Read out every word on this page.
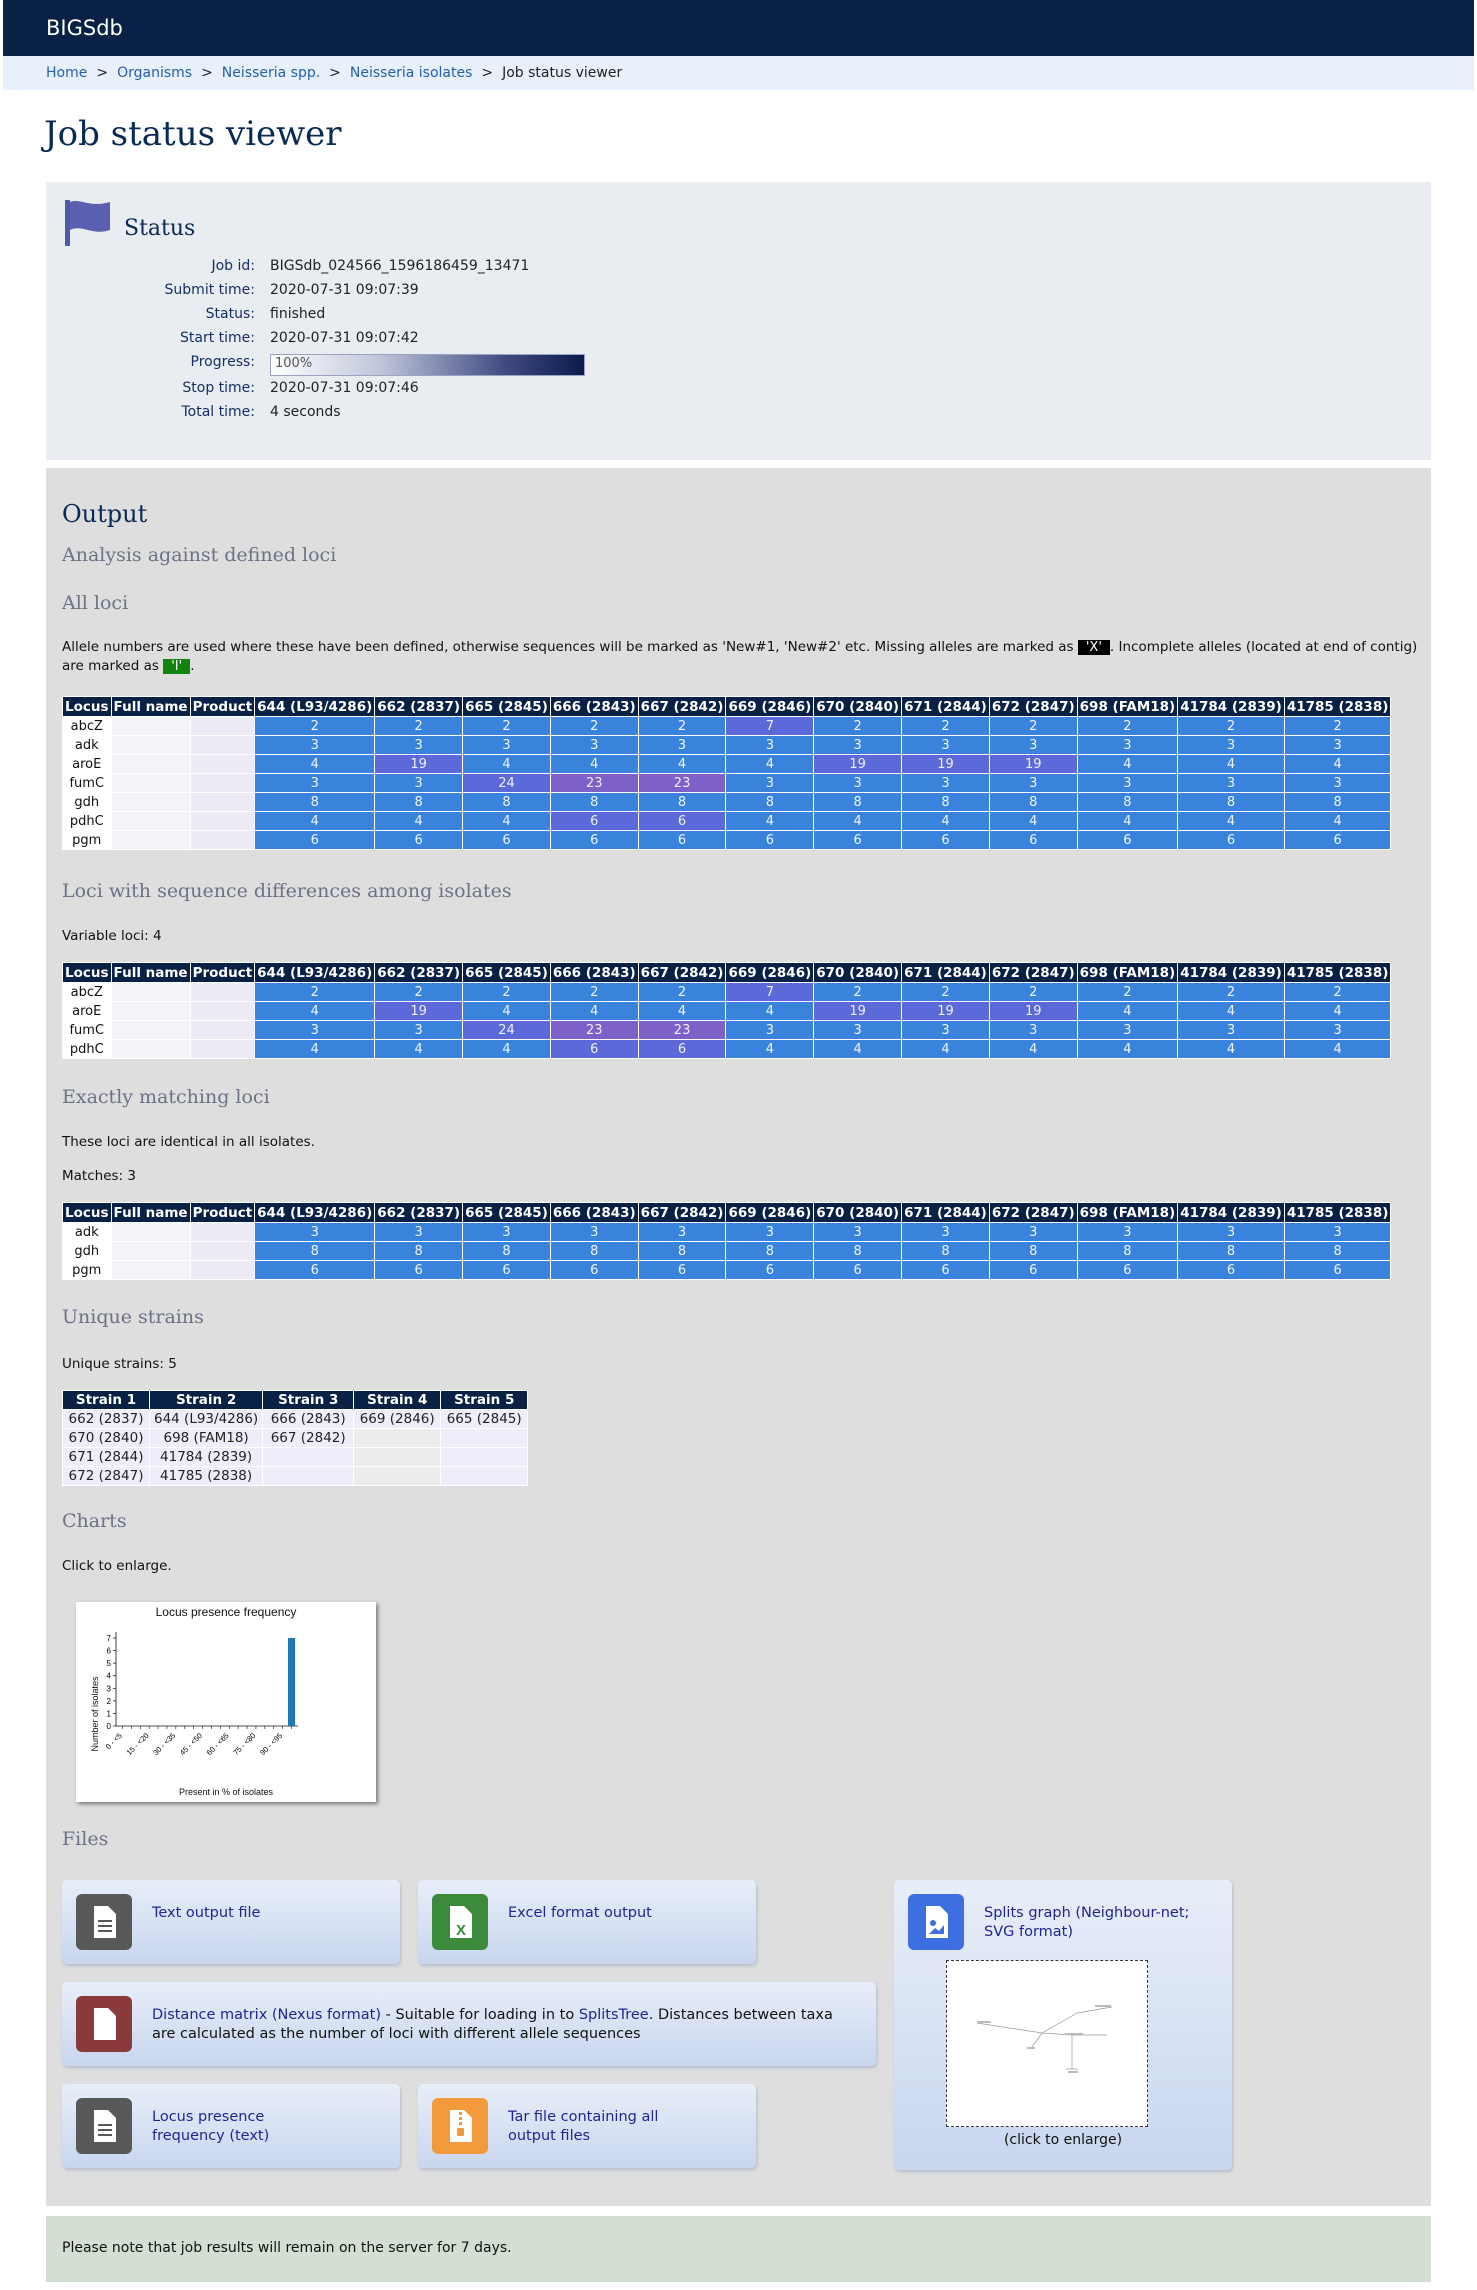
BIGSdb
Home > Organisms > Neisseria spp. > Neisseria isolates > Job status viewer
Job status viewer
Status
Job id: BIGSdb_024566_1596186459_13471
Submit time: 2020-07-31 09:07:39
Status: finished
Start time: 2020-07-31 09:07:42
Progress: 100%
Stop time: 2020-07-31 09:07:46
Total time: 4 seconds
Output
Analysis against defined loci
All loci
Allele numbers are used where these have been defined, otherwise sequences will be marked as 'New#1, 'New#2' etc. Missing alleles are marked as 'X' . Incomplete alleles (located at end of contig)
are marked as 'I' .
Locus	Full name	Product	644 (L93/4286)	662 (2837)	665 (2845)	666 (2843)	667 (2842)	669 (2846)	670 (2840)	671 (2844)	672 (2847)	698 (FAM18)	41784 (2839)	41785 (2838)
abcZ			2	2	2	2	2	7	2	2	2	2	2	2
adk			3	3	3	3	3	3	3	3	3	3	3	3
aroE			4	19	4	4	4	4	19	19	19	4	4	4
fumC			3	3	24	23	23	3	3	3	3	3	3	3
gdh			8	8	8	8	8	8	8	8	8	8	8	8
pdhC			4	4	4	6	6	4	4	4	4	4	4	4
pgm			6	6	6	6	6	6	6	6	6	6	6	6
Loci with sequence differences among isolates
Variable loci: 4
Locus	Full name	Product	644 (L93/4286)	662 (2837)	665 (2845)	666 (2843)	667 (2842)	669 (2846)	670 (2840)	671 (2844)	672 (2847)	698 (FAM18)	41784 (2839)	41785 (2838)
abcZ			2	2	2	2	2	7	2	2	2	2	2	2
aroE			4	19	4	4	4	4	19	19	19	4	4	4
fumC			3	3	24	23	23	3	3	3	3	3	3	3
pdhC			4	4	4	6	6	4	4	4	4	4	4	4
Exactly matching loci
These loci are identical in all isolates.
Matches: 3
Locus	Full name	Product	644 (L93/4286)	662 (2837)	665 (2845)	666 (2843)	667 (2842)	669 (2846)	670 (2840)	671 (2844)	672 (2847)	698 (FAM18)	41784 (2839)	41785 (2838)
adk			3	3	3	3	3	3	3	3	3	3	3	3
gdh			8	8	8	8	8	8	8	8	8	8	8	8
pgm			6	6	6	6	6	6	6	6	6	6	6	6
Unique strains
Unique strains: 5
Strain 1	Strain 2	Strain 3	Strain 4	Strain 5
662 (2837)	644 (L93/4286)	666 (2843)	669 (2846)	665 (2845)
670 (2840)	698 (FAM18)	667 (2842)		
671 (2844)	41784 (2839)			
672 (2847)	41785 (2838)			
Charts
Click to enlarge.
Locus presence frequency
Present in % of isolates
Number of isolates 0
1
2
3
4
5
6
7
0 - <5 15 - <20 30 - <35 45 - <50 60 - <65 75 - <80 90 - <95
Files
Text output file
X
Excel format output	Splits graph (Neighbour-net; SVG format)
(click to enlarge)
Distance matrix (Nexus format) - Suitable for loading in to SplitsTree. Distances between taxa
are calculated as the number of loci with different allele sequences
Locus presence frequency (text)
Tar file containing all output files
Please note that job results will remain on the server for 7 days.
